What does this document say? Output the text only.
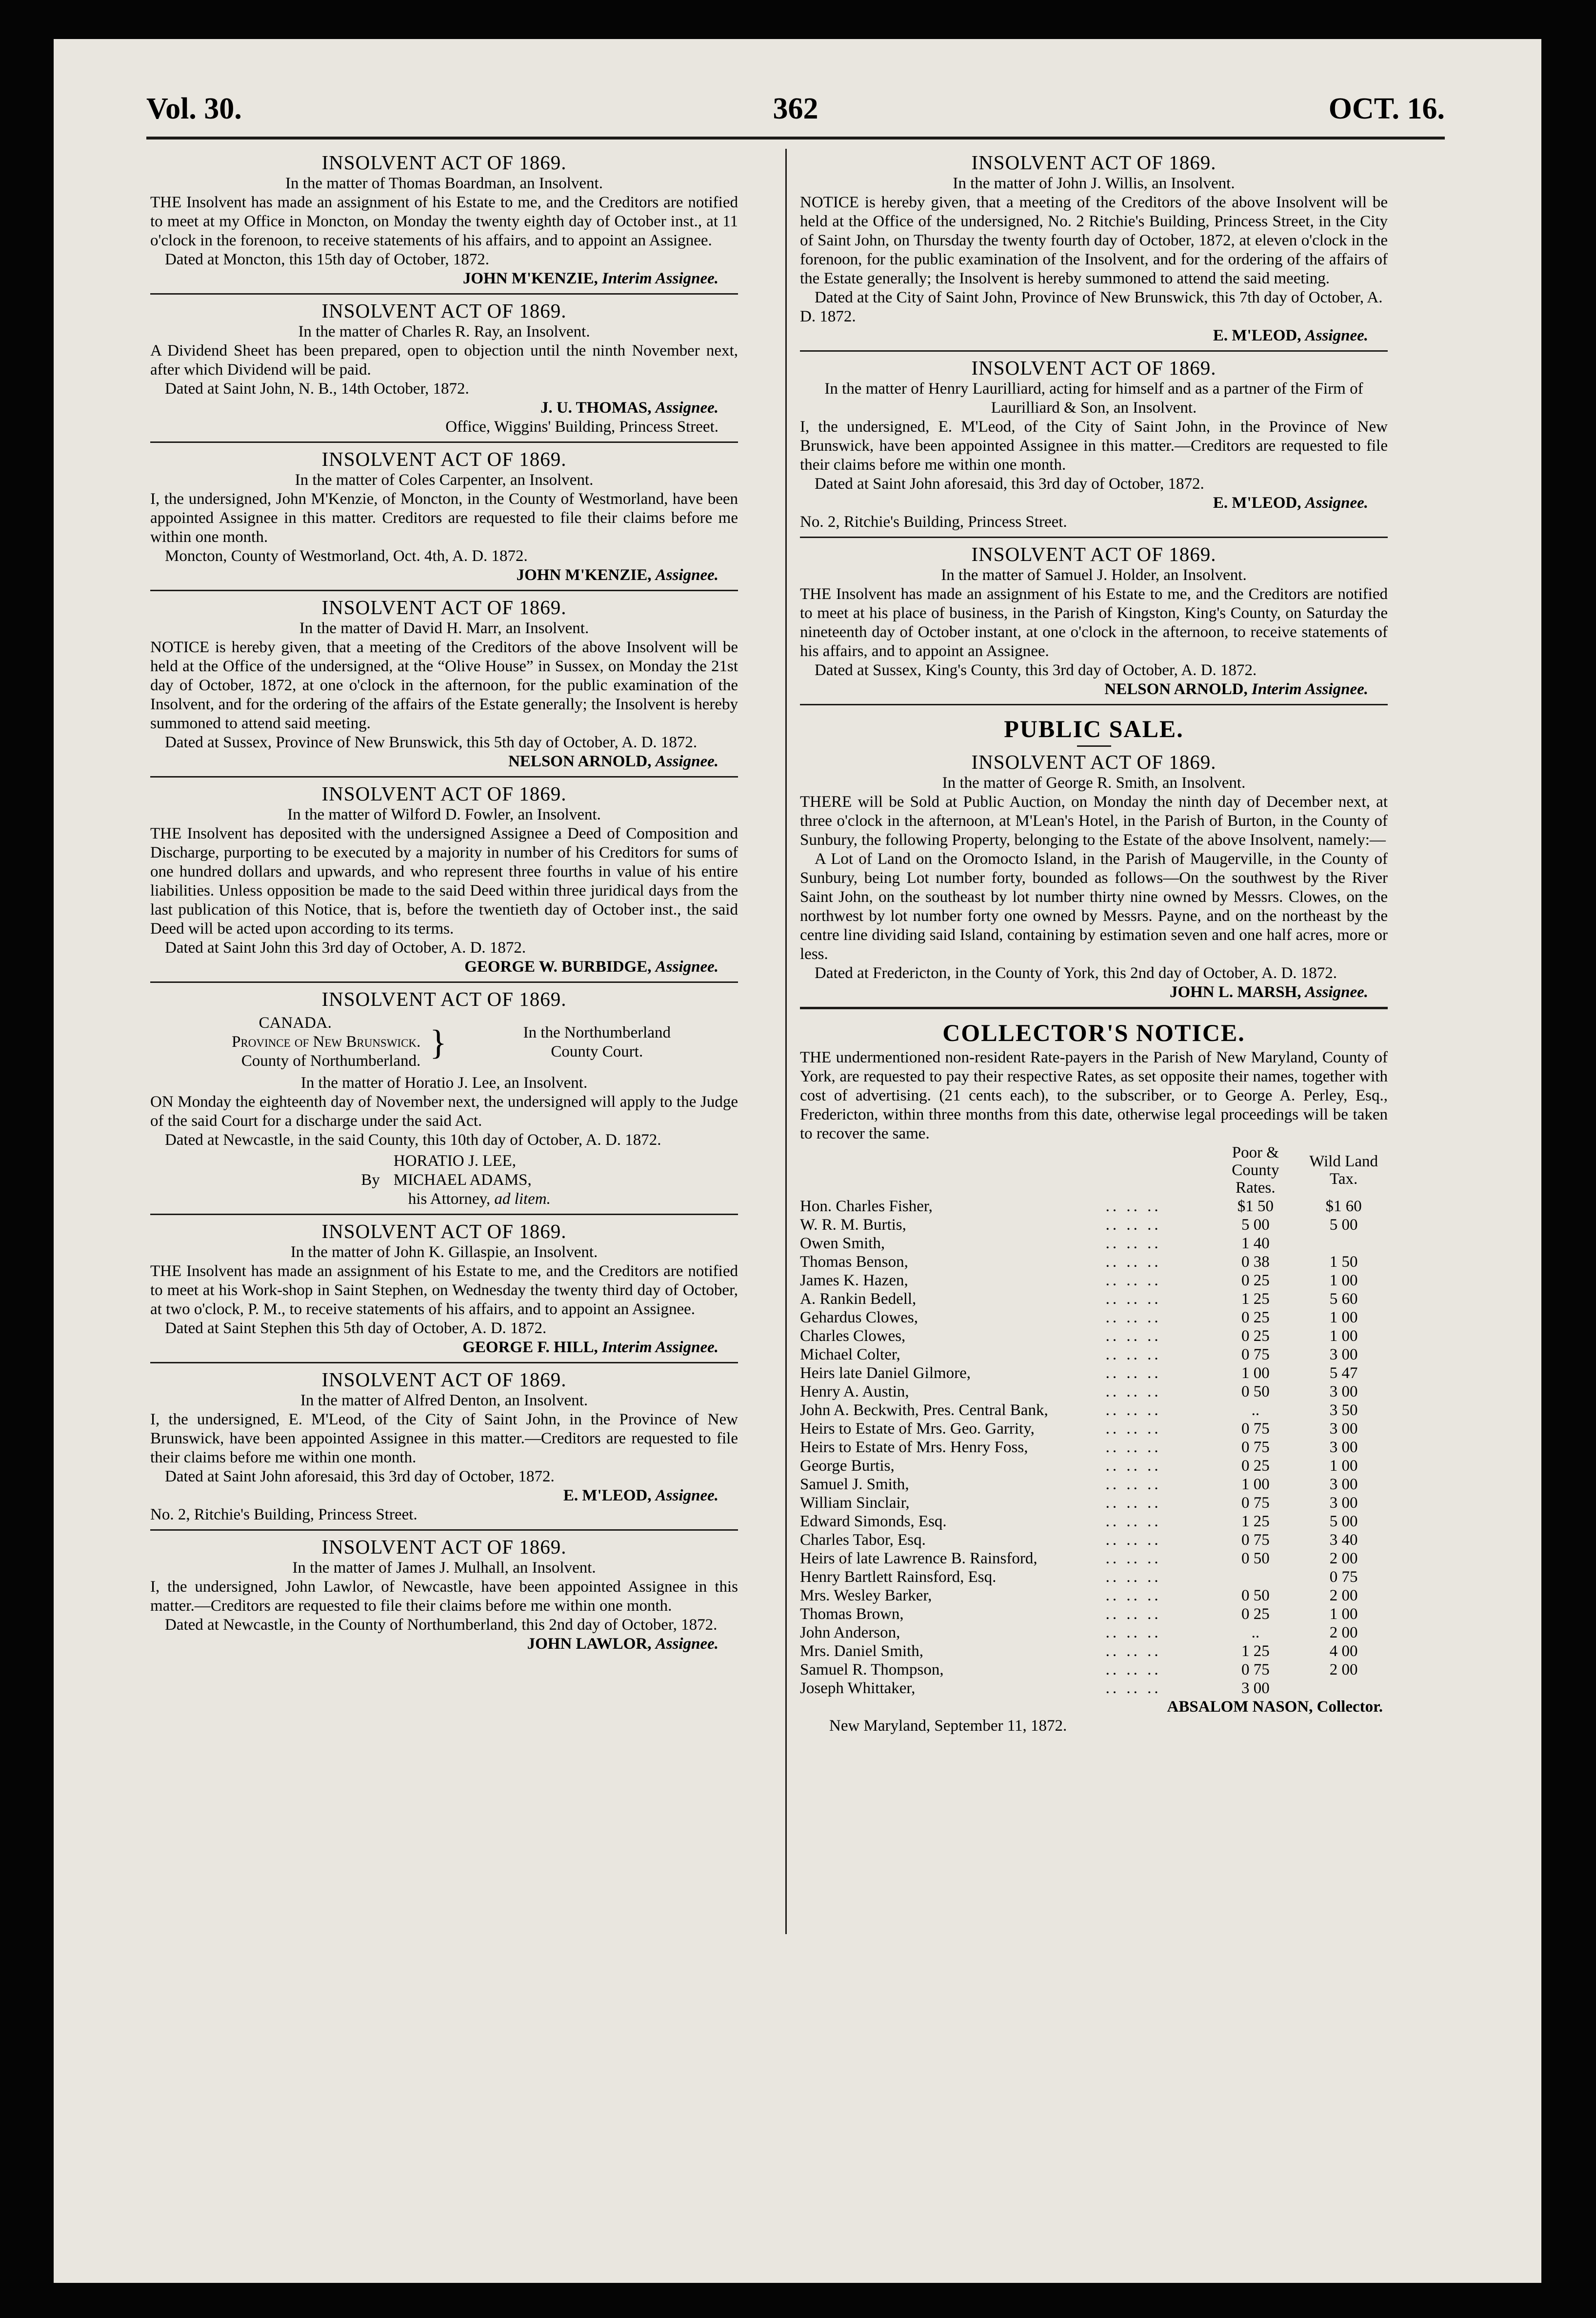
Vol. 30.	362	OCT. 16.
INSOLVENT ACT OF 1869.
In the matter of Thomas Boardman, an Insolvent.

THE Insolvent has made an assignment of his Estate to me, and the Creditors are notified to meet at my Office in Moncton, on Monday the twenty eighth day of October inst., at 11 o'clock in the forenoon, to receive statements of his affairs, and to appoint an Assignee.

Dated at Moncton, this 15th day of October, 1872.

JOHN M'KENZIE, Interim Assignee.
INSOLVENT ACT OF 1869.
In the matter of Charles R. Ray, an Insolvent.

A Dividend Sheet has been prepared, open to objection until the ninth November next, after which Dividend will be paid.

Dated at Saint John, N. B., 14th October, 1872.

J. U. THOMAS, Assignee.
Office, Wiggins' Building, Princess Street.
INSOLVENT ACT OF 1869.
In the matter of Coles Carpenter, an Insolvent.

I, the undersigned, John M'Kenzie, of Moncton, in the County of Westmorland, have been appointed Assignee in this matter. Creditors are requested to file their claims before me within one month.

Moncton, County of Westmorland, Oct. 4th, A. D. 1872.

JOHN M'KENZIE, Assignee.
INSOLVENT ACT OF 1869.
In the matter of David H. Marr, an Insolvent.

NOTICE is hereby given, that a meeting of the Creditors of the above Insolvent will be held at the Office of the undersigned, at the “Olive House” in Sussex, on Monday the 21st day of October, 1872, at one o'clock in the afternoon, for the public examination of the Insolvent, and for the ordering of the affairs of the Estate generally; the Insolvent is hereby summoned to attend said meeting.

Dated at Sussex, Province of New Brunswick, this 5th day of October, A. D. 1872.

NELSON ARNOLD, Assignee.
INSOLVENT ACT OF 1869.
In the matter of Wilford D. Fowler, an Insolvent.

THE Insolvent has deposited with the undersigned Assignee a Deed of Composition and Discharge, purporting to be executed by a majority in number of his Creditors for sums of one hundred dollars and upwards, and who represent three fourths in value of his entire liabilities. Unless opposition be made to the said Deed within three juridical days from the last publication of this Notice, that is, before the twentieth day of October inst., the said Deed will be acted upon according to its terms.

Dated at Saint John this 3rd day of October, A. D. 1872.

GEORGE W. BURBIDGE, Assignee.
INSOLVENT ACT OF 1869.
CANADA.
Province of New Brunswick.
County of Northumberland. }	In the Northumberland
County Court.
In the matter of Horatio J. Lee, an Insolvent.

ON Monday the eighteenth day of November next, the undersigned will apply to the Judge of the said Court for a discharge under the said Act.

Dated at Newcastle, in the said County, this 10th day of October, A. D. 1872.

By
HORATIO J. LEE,
MICHAEL ADAMS,
his Attorney, ad litem.
INSOLVENT ACT OF 1869.
In the matter of John K. Gillaspie, an Insolvent.

THE Insolvent has made an assignment of his Estate to me, and the Creditors are notified to meet at his Work-shop in Saint Stephen, on Wednesday the twenty third day of October, at two o'clock, P. M., to receive statements of his affairs, and to appoint an Assignee.

Dated at Saint Stephen this 5th day of October, A. D. 1872.

GEORGE F. HILL, Interim Assignee.
INSOLVENT ACT OF 1869.
In the matter of Alfred Denton, an Insolvent.

I, the undersigned, E. M'Leod, of the City of Saint John, in the Province of New Brunswick, have been appointed Assignee in this matter.—Creditors are requested to file their claims before me within one month.

Dated at Saint John aforesaid, this 3rd day of October, 1872.

E. M'LEOD, Assignee.
No. 2, Ritchie's Building, Princess Street.
INSOLVENT ACT OF 1869.
In the matter of James J. Mulhall, an Insolvent.

I, the undersigned, John Lawlor, of Newcastle, have been appointed Assignee in this matter.—Creditors are requested to file their claims before me within one month.

Dated at Newcastle, in the County of Northumberland, this 2nd day of October, 1872.

JOHN LAWLOR, Assignee.
INSOLVENT ACT OF 1869.
In the matter of John J. Willis, an Insolvent.

NOTICE is hereby given, that a meeting of the Creditors of the above Insolvent will be held at the Office of the undersigned, No. 2 Ritchie's Building, Princess Street, in the City of Saint John, on Thursday the twenty fourth day of October, 1872, at eleven o'clock in the forenoon, for the public examination of the Insolvent, and for the ordering of the affairs of the Estate generally; the Insolvent is hereby summoned to attend the said meeting.

Dated at the City of Saint John, Province of New Brunswick, this 7th day of October, A. D. 1872.

E. M'LEOD, Assignee.
INSOLVENT ACT OF 1869.
In the matter of Henry Laurilliard, acting for himself and as a partner of the Firm of Laurilliard & Son, an Insolvent.

I, the undersigned, E. M'Leod, of the City of Saint John, in the Province of New Brunswick, have been appointed Assignee in this matter.—Creditors are requested to file their claims before me within one month.

Dated at Saint John aforesaid, this 3rd day of October, 1872.

E. M'LEOD, Assignee.
No. 2, Ritchie's Building, Princess Street.
INSOLVENT ACT OF 1869.
In the matter of Samuel J. Holder, an Insolvent.

THE Insolvent has made an assignment of his Estate to me, and the Creditors are notified to meet at his place of business, in the Parish of Kingston, King's County, on Saturday the nineteenth day of October instant, at one o'clock in the afternoon, to receive statements of his affairs, and to appoint an Assignee.

Dated at Sussex, King's County, this 3rd day of October, A. D. 1872.

NELSON ARNOLD, Interim Assignee.
PUBLIC SALE.
INSOLVENT ACT OF 1869.
In the matter of George R. Smith, an Insolvent.

THERE will be Sold at Public Auction, on Monday the ninth day of December next, at three o'clock in the afternoon, at M'Lean's Hotel, in the Parish of Burton, in the County of Sunbury, the following Property, belonging to the Estate of the above Insolvent, namely:—

A Lot of Land on the Oromocto Island, in the Parish of Maugerville, in the County of Sunbury, being Lot number forty, bounded as follows—On the southwest by the River Saint John, on the southeast by lot number thirty nine owned by Messrs. Clowes, on the northwest by lot number forty one owned by Messrs. Payne, and on the northeast by the centre line dividing said Island, containing by estimation seven and one half acres, more or less.

Dated at Fredericton, in the County of York, this 2nd day of October, A. D. 1872.

JOHN L. MARSH, Assignee.
COLLECTOR'S NOTICE.

THE undermentioned non-resident Rate-payers in the Parish of New Maryland, County of York, are requested to pay their respective Rates, as set opposite their names, together with cost of advertising. (21 cents each), to the subscriber, or to George A. Perley, Esq., Fredericton, within three months from this date, otherwise legal proceedings will be taken to recover the same.

		Poor & County Rates.	Wild Land Tax.
Hon. Charles Fisher,	.. .. ..	$1 50	$1 60
W. R. M. Burtis,	.. .. ..	5 00	5 00
Owen Smith,	.. .. ..	1 40	
Thomas Benson,	.. .. ..	0 38	1 50
James K. Hazen,	.. .. ..	0 25	1 00
A. Rankin Bedell,	.. .. ..	1 25	5 60
Gehardus Clowes,	.. .. ..	0 25	1 00
Charles Clowes,	.. .. ..	0 25	1 00
Michael Colter,	.. .. ..	0 75	3 00
Heirs late Daniel Gilmore,	.. .. ..	1 00	5 47
Henry A. Austin,	.. .. ..	0 50	3 00
John A. Beckwith, Pres. Central Bank,	.. .. ..	..	3 50
Heirs to Estate of Mrs. Geo. Garrity,	.. .. ..	0 75	3 00
Heirs to Estate of Mrs. Henry Foss,	.. .. ..	0 75	3 00
George Burtis,	.. .. ..	0 25	1 00
Samuel J. Smith,	.. .. ..	1 00	3 00
William Sinclair,	.. .. ..	0 75	3 00
Edward Simonds, Esq.	.. .. ..	1 25	5 00
Charles Tabor, Esq.	.. .. ..	0 75	3 40
Heirs of late Lawrence B. Rainsford,	.. .. ..	0 50	2 00
Henry Bartlett Rainsford, Esq.	.. .. ..		0 75
Mrs. Wesley Barker,	.. .. ..	0 50	2 00
Thomas Brown,	.. .. ..	0 25	1 00
John Anderson,	.. .. ..	..	2 00
Mrs. Daniel Smith,	.. .. ..	1 25	4 00
Samuel R. Thompson,	.. .. ..	0 75	2 00
Joseph Whittaker,	.. .. ..	3 00	
ABSALOM NASON, Collector.
New Maryland, September 11, 1872.
